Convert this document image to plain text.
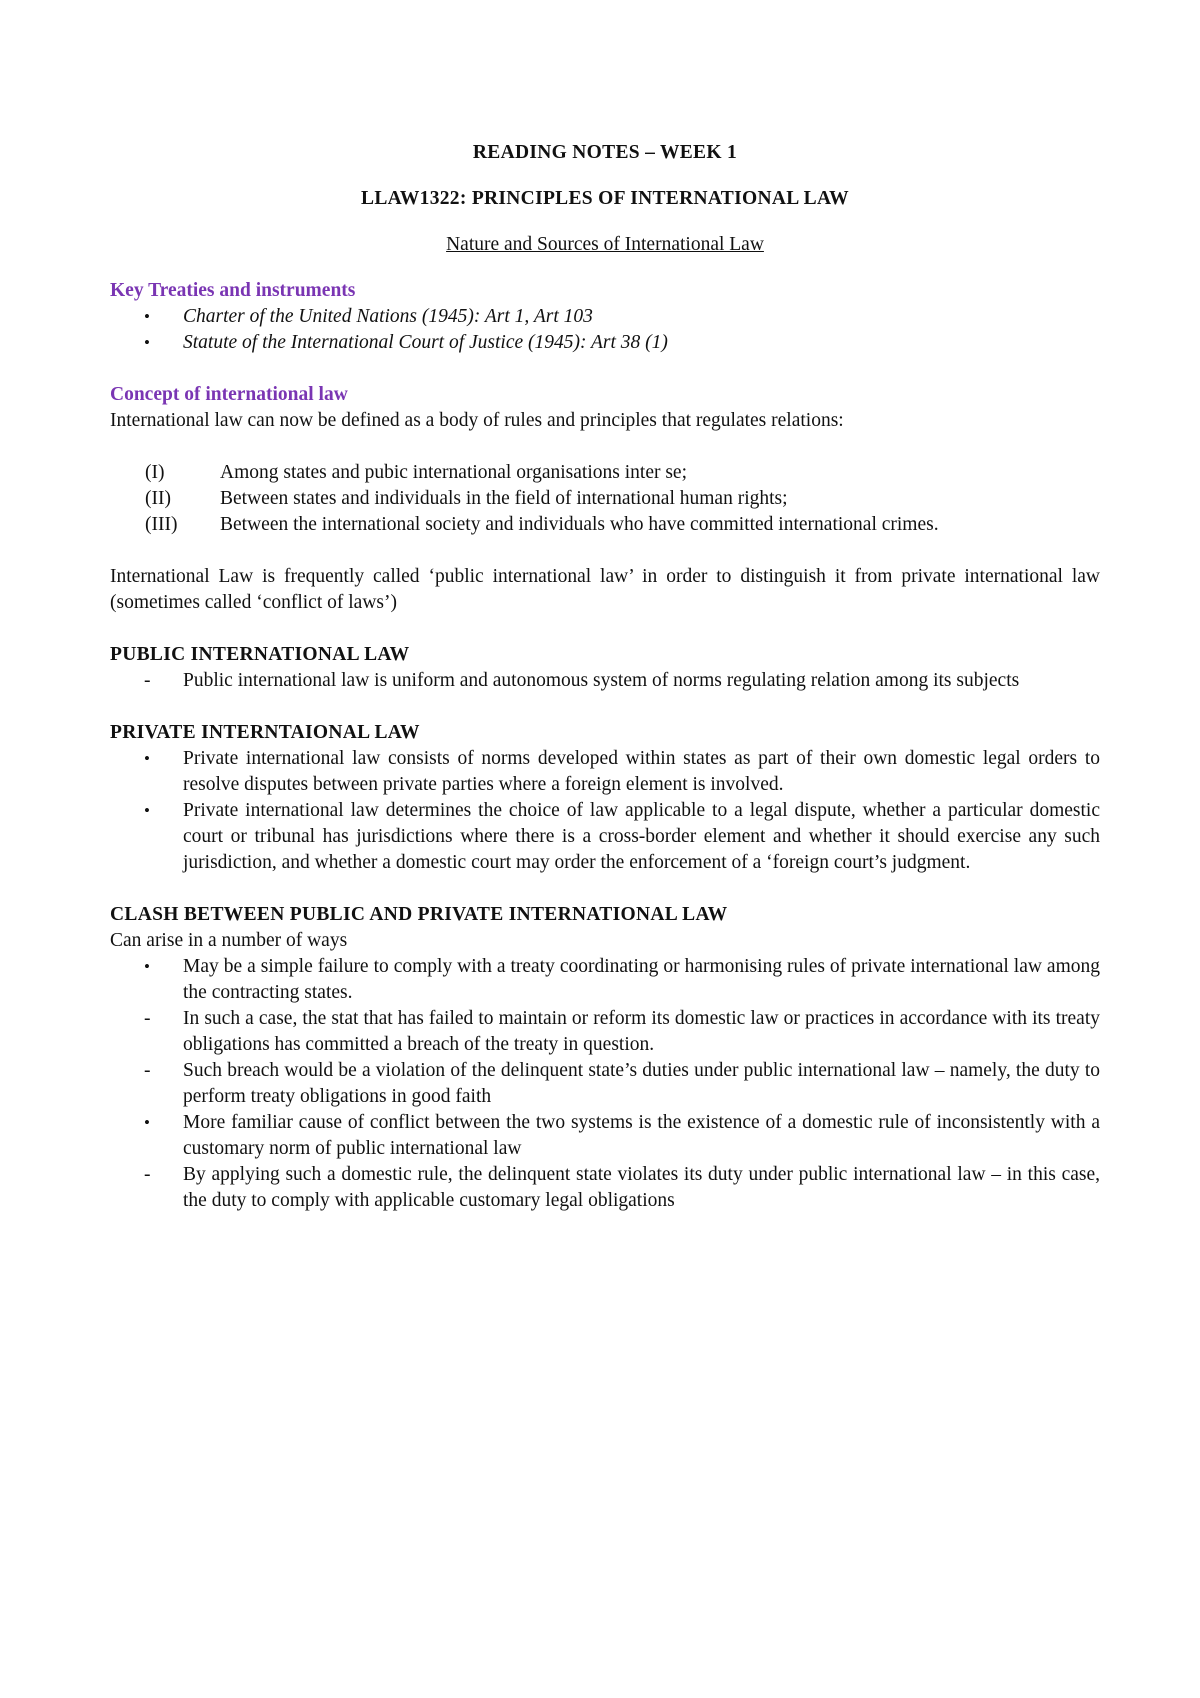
READING NOTES – WEEK 1
LLAW1322: PRINCIPLES OF INTERNATIONAL LAW
Nature and Sources of International Law
Key Treaties and instruments
•	Charter of the United Nations (1945): Art 1, Art 103
•	Statute of the International Court of Justice (1945): Art 38 (1)
Concept of international law

International law can now be defined as a body of rules and principles that regulates relations:

(I)	Among states and pubic international organisations inter se;
(II)	Between states and individuals in the field of international human rights;
(III) Between the international society and individuals who have committed international crimes.

International Law is frequently called ‘public international law’ in order to distinguish it from private international law (sometimes called ‘conflict of laws’)

PUBLIC INTERNATIONAL LAW
-	Public international law is uniform and autonomous system of norms regulating relation among its subjects
PRIVATE INTERNTAIONAL LAW
•	Private international law consists of norms developed within states as part of their own domestic legal orders to resolve disputes between private parties where a foreign element is involved.
•	Private international law determines the choice of law applicable to a legal dispute, whether a particular domestic court or tribunal has jurisdictions where there is a cross-border element and whether it should exercise any such jurisdiction, and whether a domestic court may order the enforcement of a ‘foreign court’s judgment.
CLASH BETWEEN PUBLIC AND PRIVATE INTERNATIONAL LAW

Can arise in a number of ways

•	May be a simple failure to comply with a treaty coordinating or harmonising rules of private international law among the contracting states.
-	In such a case, the stat that has failed to maintain or reform its domestic law or practices in accordance with its treaty obligations has committed a breach of the treaty in question.
-	Such breach would be a violation of the delinquent state’s duties under public international law – namely, the duty to perform treaty obligations in good faith
•	More familiar cause of conflict between the two systems is the existence of a domestic rule of inconsistently with a customary norm of public international law
-	By applying such a domestic rule, the delinquent state violates its duty under public international law – in this case, the duty to comply with applicable customary legal obligations
